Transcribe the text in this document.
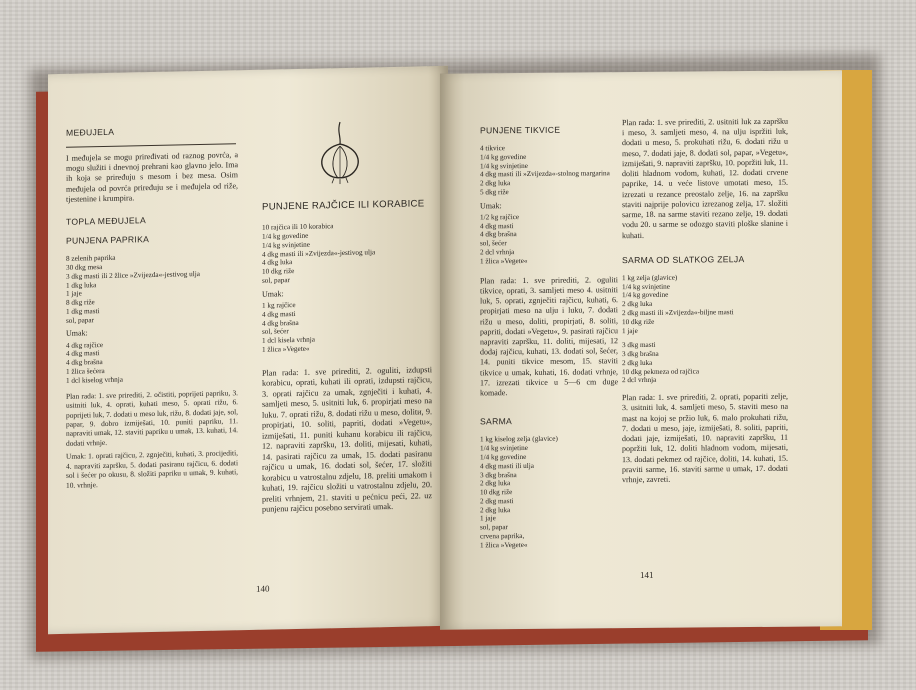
MEĐUJELA

I međujela se mogu priređivati od raznog povrća, a mogu služiti i dnevnoj prehrani kao glavno jelo. Ima ih koja se priređuju s mesom i bez mesa. Osim međujela od povrća priređuju se i međujela od riže, tjestenine i krumpira.

TOPLA MEĐUJELA
PUNJENA PAPRIKA
8 zelenih paprika
30 dkg mesa
3 dkg masti ili 2 žlice »Zvijezda«-jestivog ulja
1 dkg luka
1 jaje
8 dkg riže
1 dkg masti
sol, papar
Umak:
4 dkg rajčice
4 dkg masti
4 dkg brašna
1 žlica šećera
1 dcl kiselog vrhnja

Plan rada: 1. sve prirediti, 2. očistiti, poprijeti papriku, 3. usitniti luk, 4. oprati, kuhati meso, 5. oprati rižu, 6. poprijeti luk, 7. dodati u meso luk, rižu, 8. dodati jaje, sol, papar, 9. dobro izmiješati, 10. puniti papriku, 11. napraviti umak, 12. staviti papriku u umak, 13. kuhati, 14. dodati vrhnje.

Umak: 1. oprati rajčicu, 2. zgnječiti, kuhati, 3. procijediti, 4. napraviti zapršku, 5. dodati pasiranu rajčicu, 6. dodati sol i šećer po okusu, 8. složiti papriku u umak, 9. kuhati, 10. vrhnje.

PUNJENE RAJČICE ILI KORABICE
10 rajčica ili 10 korabica
1/4 kg govedine
1/4 kg svinjetine
4 dkg masti ili »Zvijezda«-jestivog ulja
4 dkg luka
10 dkg riže
sol, papar
Umak:
1 kg rajčice
4 dkg masti
4 dkg brašna
sol, šećer
1 dcl kisela vrhnja
1 žlica »Vegete«

Plan rada: 1. sve prirediti, 2. oguliti, izdupsti korabicu, oprati, kuhati ili oprati, izdupsti rajčicu, 3. oprati rajčicu za umak, zgnječiti i kuhati, 4. samljeti meso, 5. usitniti luk, 6. propirjati meso na luku. 7. oprati rižu, 8. dodati rižu u meso, dolitи, 9. propirjati, 10. soliti, papriti, dodati »Vegetu«, izmiješati, 11. puniti kuhanu korabicu ili rajčicu, 12. napraviti zapršku, 13. doliti, mijesati, kuhati, 14. pasirati rajčicu za umak, 15. dodati pasiranu rajčicu u umak, 16. dodati sol, šećer, 17. složiti korabicu u vatrostalnu zdjelu, 18. preliti umakom i kuhati, 19. rajčicu složiti u vatrostalnu zdjelu, 20. preliti vrhnjem, 21. staviti u pećnicu peći, 22. uz punjenu rajčicu posebno servirati umak.

140
PUNJENE TIKVICE
4 tikvice
1/4 kg govedine
1/4 kg svinjetine
4 dkg masti ili »Zvijezda«-stolnog margarina
2 dkg luka
5 dkg riže
Umak:
1/2 kg rajčice
4 dkg masti
4 dkg brašna
sol, šećer
2 dcl vrhnja
1 žlica »Vegete«

Plan rada: 1. sve prirediti, 2. oguliti tikvice, oprati, 3. samljeti meso 4. usitniti luk, 5. oprati, zgnječiti rajčicu, kuhati, 6. propirjati meso na ulju i luku, 7. dodati rižu u meso, doliti, propirjati, 8. soliti, papriti, dodati »Vegetu«, 9. pasirati rajčicu napraviti zapršku, 11. doliti, mijesati, 12 dodaj rajčicu, kuhati, 13. dodati sol, šećer, 14. puniti tikvice mesom, 15. staviti tikvice u umak, kuhati, 16. dodati vrhnje, 17. izrezati tikvice u 5—6 cm duge komade.

SARMA
1 kg kiselog zelja (glavice)
1/4 kg svinjetine
1/4 kg govedine
4 dkg masti ili ulja
3 dkg brašna
2 dkg luka
10 dkg riže
2 dkg masti
2 dkg luka
1 jaje
sol, papar
crvena paprika,
1 žlica »Vegete«

Plan rada: 1. sve prirediti, 2. usitniti luk za zapršku i meso, 3. samljeti meso, 4. na ulju ispržiti luk, dodati u meso, 5. prokuhati rižu, 6. dodati rižu u meso, 7. dodati jaje, 8. dodati sol, papar, »Vegetu«, izmiješati, 9. napraviti zapršku, 10. popržiti luk, 11. doliti hladnom vodom, kuhati, 12. dodati crvene paprike, 14. u veće listove umotati meso, 15. izrezati u rezance preostalo zelje, 16. na zapršku staviti najprije polovicu izrezanog zelja, 17. složiti sarme, 18. na sarme staviti rezano zelje, 19. dodati vodu 20. u sarme se odozgo staviti ploške slanine i kuhati.

SARMA OD SLATKOG ZELJA
1 kg zelja (glavice)
1/4 kg svinjetine
1/4 kg govedine
2 dkg luka
2 dkg masti ili »Zvijezda«-biljne masti
10 dkg riže
1 jaje
3 dkg masti
3 dkg brašna
2 dkg luka
10 dkg pekmeza od rajčica
2 dcl vrhnja

Plan rada: 1. sve prirediti, 2. oprati, popariti zelje, 3. usitniti luk, 4. samljeti meso, 5. staviti meso na mast na kojoj se pržio luk, 6. malo prokuhati rižu, 7. dodati u meso, jaje, izmiješati, 8. soliti, papriti, dodati jaje, izmiješati, 10. napraviti zapršku, 11 popržiti luk, 12. doliti hladnom vodom, mijesati, 13. dodati pekmez od rajčice, doliti, 14. kuhati, 15. praviti sarme, 16. staviti sarme u umak, 17. dodati vrhnje, zavreti.

141
